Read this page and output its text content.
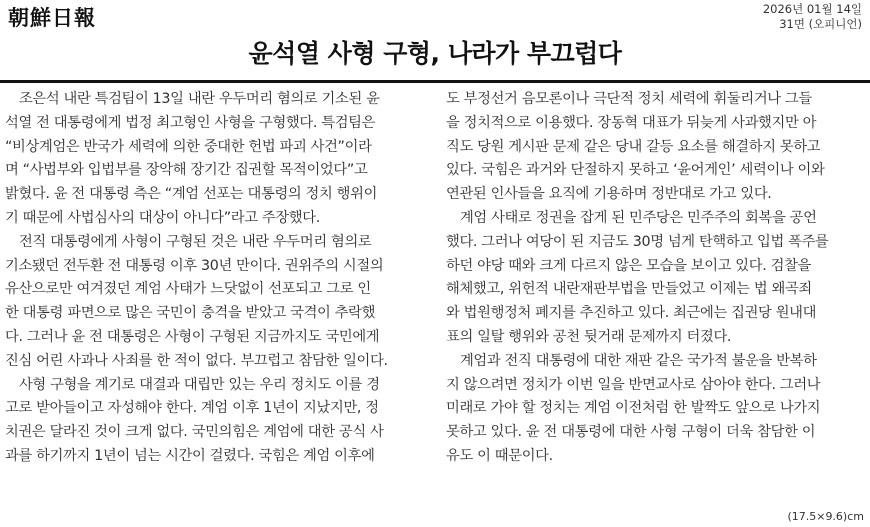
朝鮮日報	2026년 01월 14일
31면 (오피니언)
윤석열 사형 구형, 나라가 부끄럽다
　조은석 내란 특검팀이 13일 내란 우두머리 혐의로 기소된 윤
석열 전 대통령에게 법정 최고형인 사형을 구형했다. 특검팀은
“비상계엄은 반국가 세력에 의한 중대한 헌법 파괴 사건”이라
며 “사법부와 입법부를 장악해 장기간 집권할 목적이었다”고
밝혔다. 윤 전 대통령 측은 “계엄 선포는 대통령의 정치 행위이
기 때문에 사법심사의 대상이 아니다”라고 주장했다.
　전직 대통령에게 사형이 구형된 것은 내란 우두머리 혐의로
기소됐던 전두환 전 대통령 이후 30년 만이다. 권위주의 시절의
유산으로만 여겨졌던 계엄 사태가 느닷없이 선포되고 그로 인
한 대통령 파면으로 많은 국민이 충격을 받았고 국격이 추락했
다. 그러나 윤 전 대통령은 사형이 구형된 지금까지도 국민에게
진심 어린 사과나 사죄를 한 적이 없다. 부끄럽고 참담한 일이다.
　사형 구형을 계기로 대결과 대립만 있는 우리 정치도 이를 경
고로 받아들이고 자성해야 한다. 계엄 이후 1년이 지났지만, 정
치권은 달라진 것이 크게 없다. 국민의힘은 계엄에 대한 공식 사
과를 하기까지 1년이 넘는 시간이 걸렸다. 국힘은 계엄 이후에
도 부정선거 음모론이나 극단적 정치 세력에 휘둘리거나 그들
을 정치적으로 이용했다. 장동혁 대표가 뒤늦게 사과했지만 아
직도 당원 게시판 문제 같은 당내 갈등 요소를 해결하지 못하고
있다. 국힘은 과거와 단절하지 못하고 ‘윤어게인’ 세력이나 이와
연관된 인사들을 요직에 기용하며 정반대로 가고 있다.
　계엄 사태로 정권을 잡게 된 민주당은 민주주의 회복을 공언
했다. 그러나 여당이 된 지금도 30명 넘게 탄핵하고 입법 폭주를
하던 야당 때와 크게 다르지 않은 모습을 보이고 있다. 검찰을
해체했고, 위헌적 내란재판부법을 만들었고 이제는 법 왜곡죄
와 법원행정처 폐지를 추진하고 있다. 최근에는 집권당 원내대
표의 일탈 행위와 공천 뒷거래 문제까지 터졌다.
　계엄과 전직 대통령에 대한 재판 같은 국가적 불운을 반복하
지 않으려면 정치가 이번 일을 반면교사로 삼아야 한다. 그러나
미래로 가야 할 정치는 계엄 이전처럼 한 발짝도 앞으로 나가지
못하고 있다. 윤 전 대통령에 대한 사형 구형이 더욱 참담한 이
유도 이 때문이다.
(17.5×9.6)cm
